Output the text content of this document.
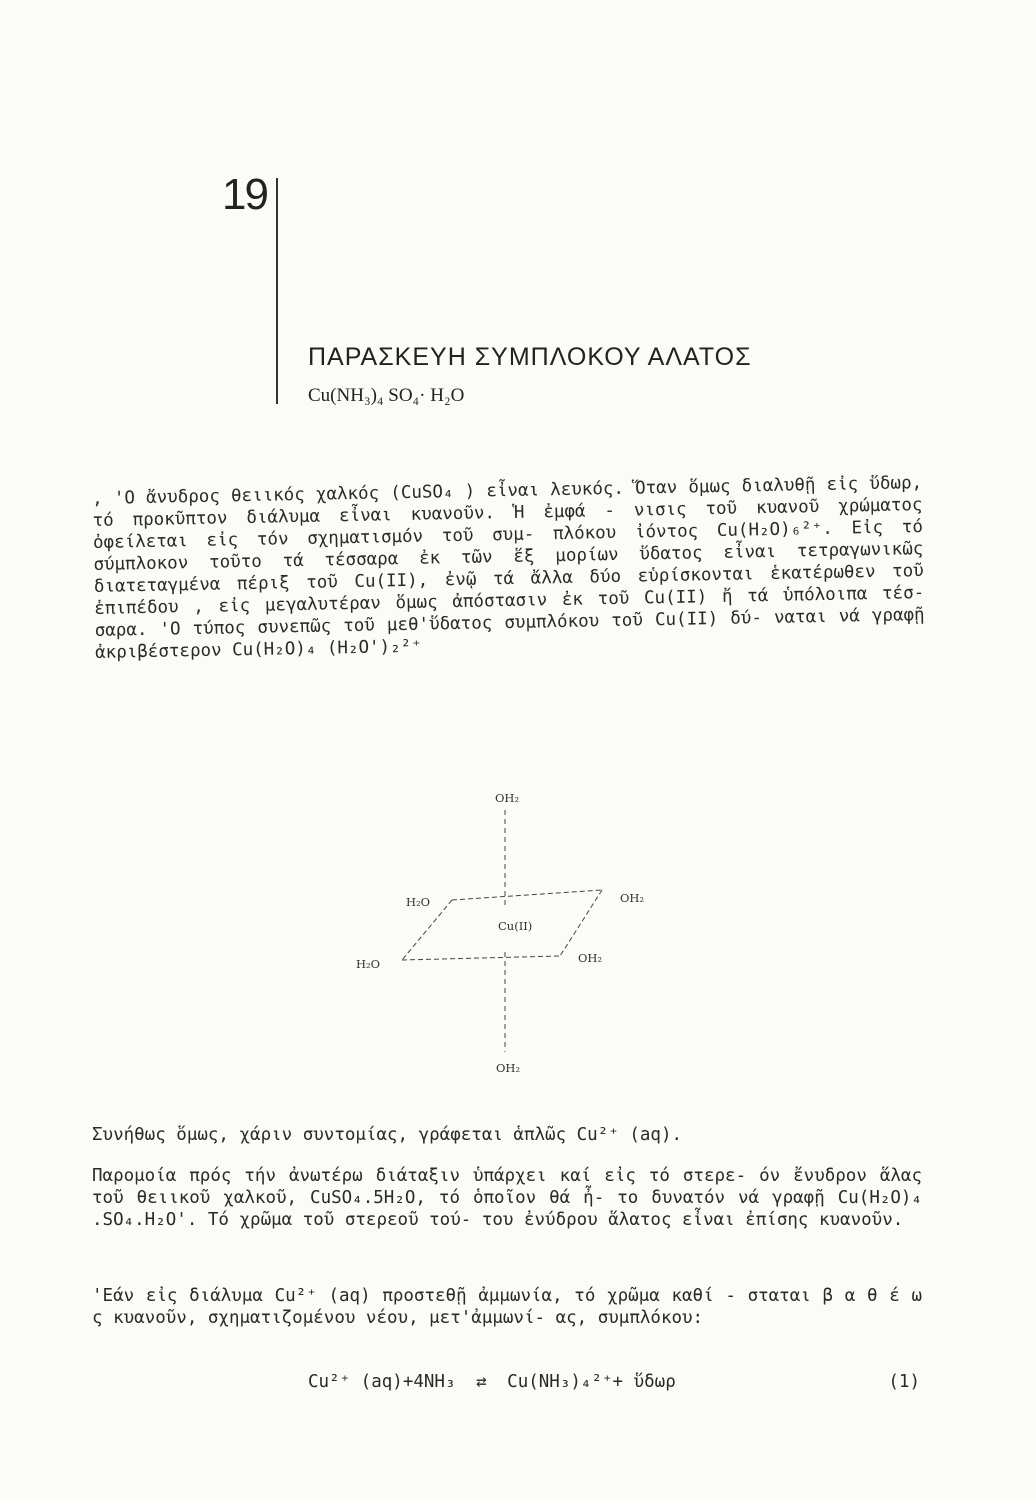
19
ΠΑΡΑΣΚΕΥΗ ΣΥΜΠΛΟΚΟΥ ΑΛΑΤΟΣ
Cu(NH₃)₄ SO₄· H₂O
, 'Ο ἄνυδρος θειικός χαλκός (CuSO₄ ) εἶναι λευκός. Ὅταν ὅμως διαλυθῇ εἰς ὕδωρ, τό προκῦπτον διάλυμα εἶναι κυανοῦν. Ἡ ἐμφά - νισις τοῦ κυανοῦ χρώματος ὀφείλεται εἰς τόν σχηματισμόν τοῦ συμ- πλόκου ἰόντος Cu(H₂O)₆²⁺. Εἰς τό σύμπλοκον τοῦτο τά τέσσαρα ἐκ τῶν ἕξ μορίων ὕδατος εἶναι τετραγωνικῶς διατεταγμένα πέριξ τοῦ Cu(II), ἐνῷ τά ἄλλα δύο εὑρίσκονται ἑκατέρωθεν τοῦ ἐπιπέδου , εἰς μεγαλυτέραν ὅμως ἀπόστασιν ἐκ τοῦ Cu(II) ἤ τά ὑπόλοιπα τέσ- σαρα. 'Ο τύπος συνεπῶς τοῦ μεθ'ὕδατος συμπλόκου τοῦ Cu(II) δύ- ναται νά γραφῇ ἀκριβέστερον Cu(H₂O)₄ (H₂O')₂²⁺
OH₂
OH₂
H₂O	OH₂
H₂O	OH₂
Cu(II)
Συνήθως ὅμως, χάριν συντομίας, γράφεται ἁπλῶς Cu²⁺ (aq).
Παρομοία πρός τήν ἀνωτέρω διάταξιν ὑπάρχει καί εἰς τό στερε- όν ἔνυδρον ἅλας τοῦ θειικοῦ χαλκοῦ, CuSO₄.5H₂O, τό ὁποῖον θά ἦ- το δυνατόν νά γραφῇ Cu(H₂O)₄ .SO₄.H₂O'. Τό χρῶμα τοῦ στερεοῦ τού- του ἐνύδρου ἅλατος εἶναι ἐπίσης κυανοῦν.
'Εάν εἰς διάλυμα Cu²⁺ (aq) προστεθῇ ἀμμωνία, τό χρῶμα καθί - σταται β α θ έ ω ς κυανοῦν, σχηματιζομένου νέου, μετ'ἀμμωνί- ας, συμπλόκου:
Cu²⁺ (aq)+4NH₃ ⇄ Cu(NH₃)₄²⁺+ ὕδωρ	(1)
